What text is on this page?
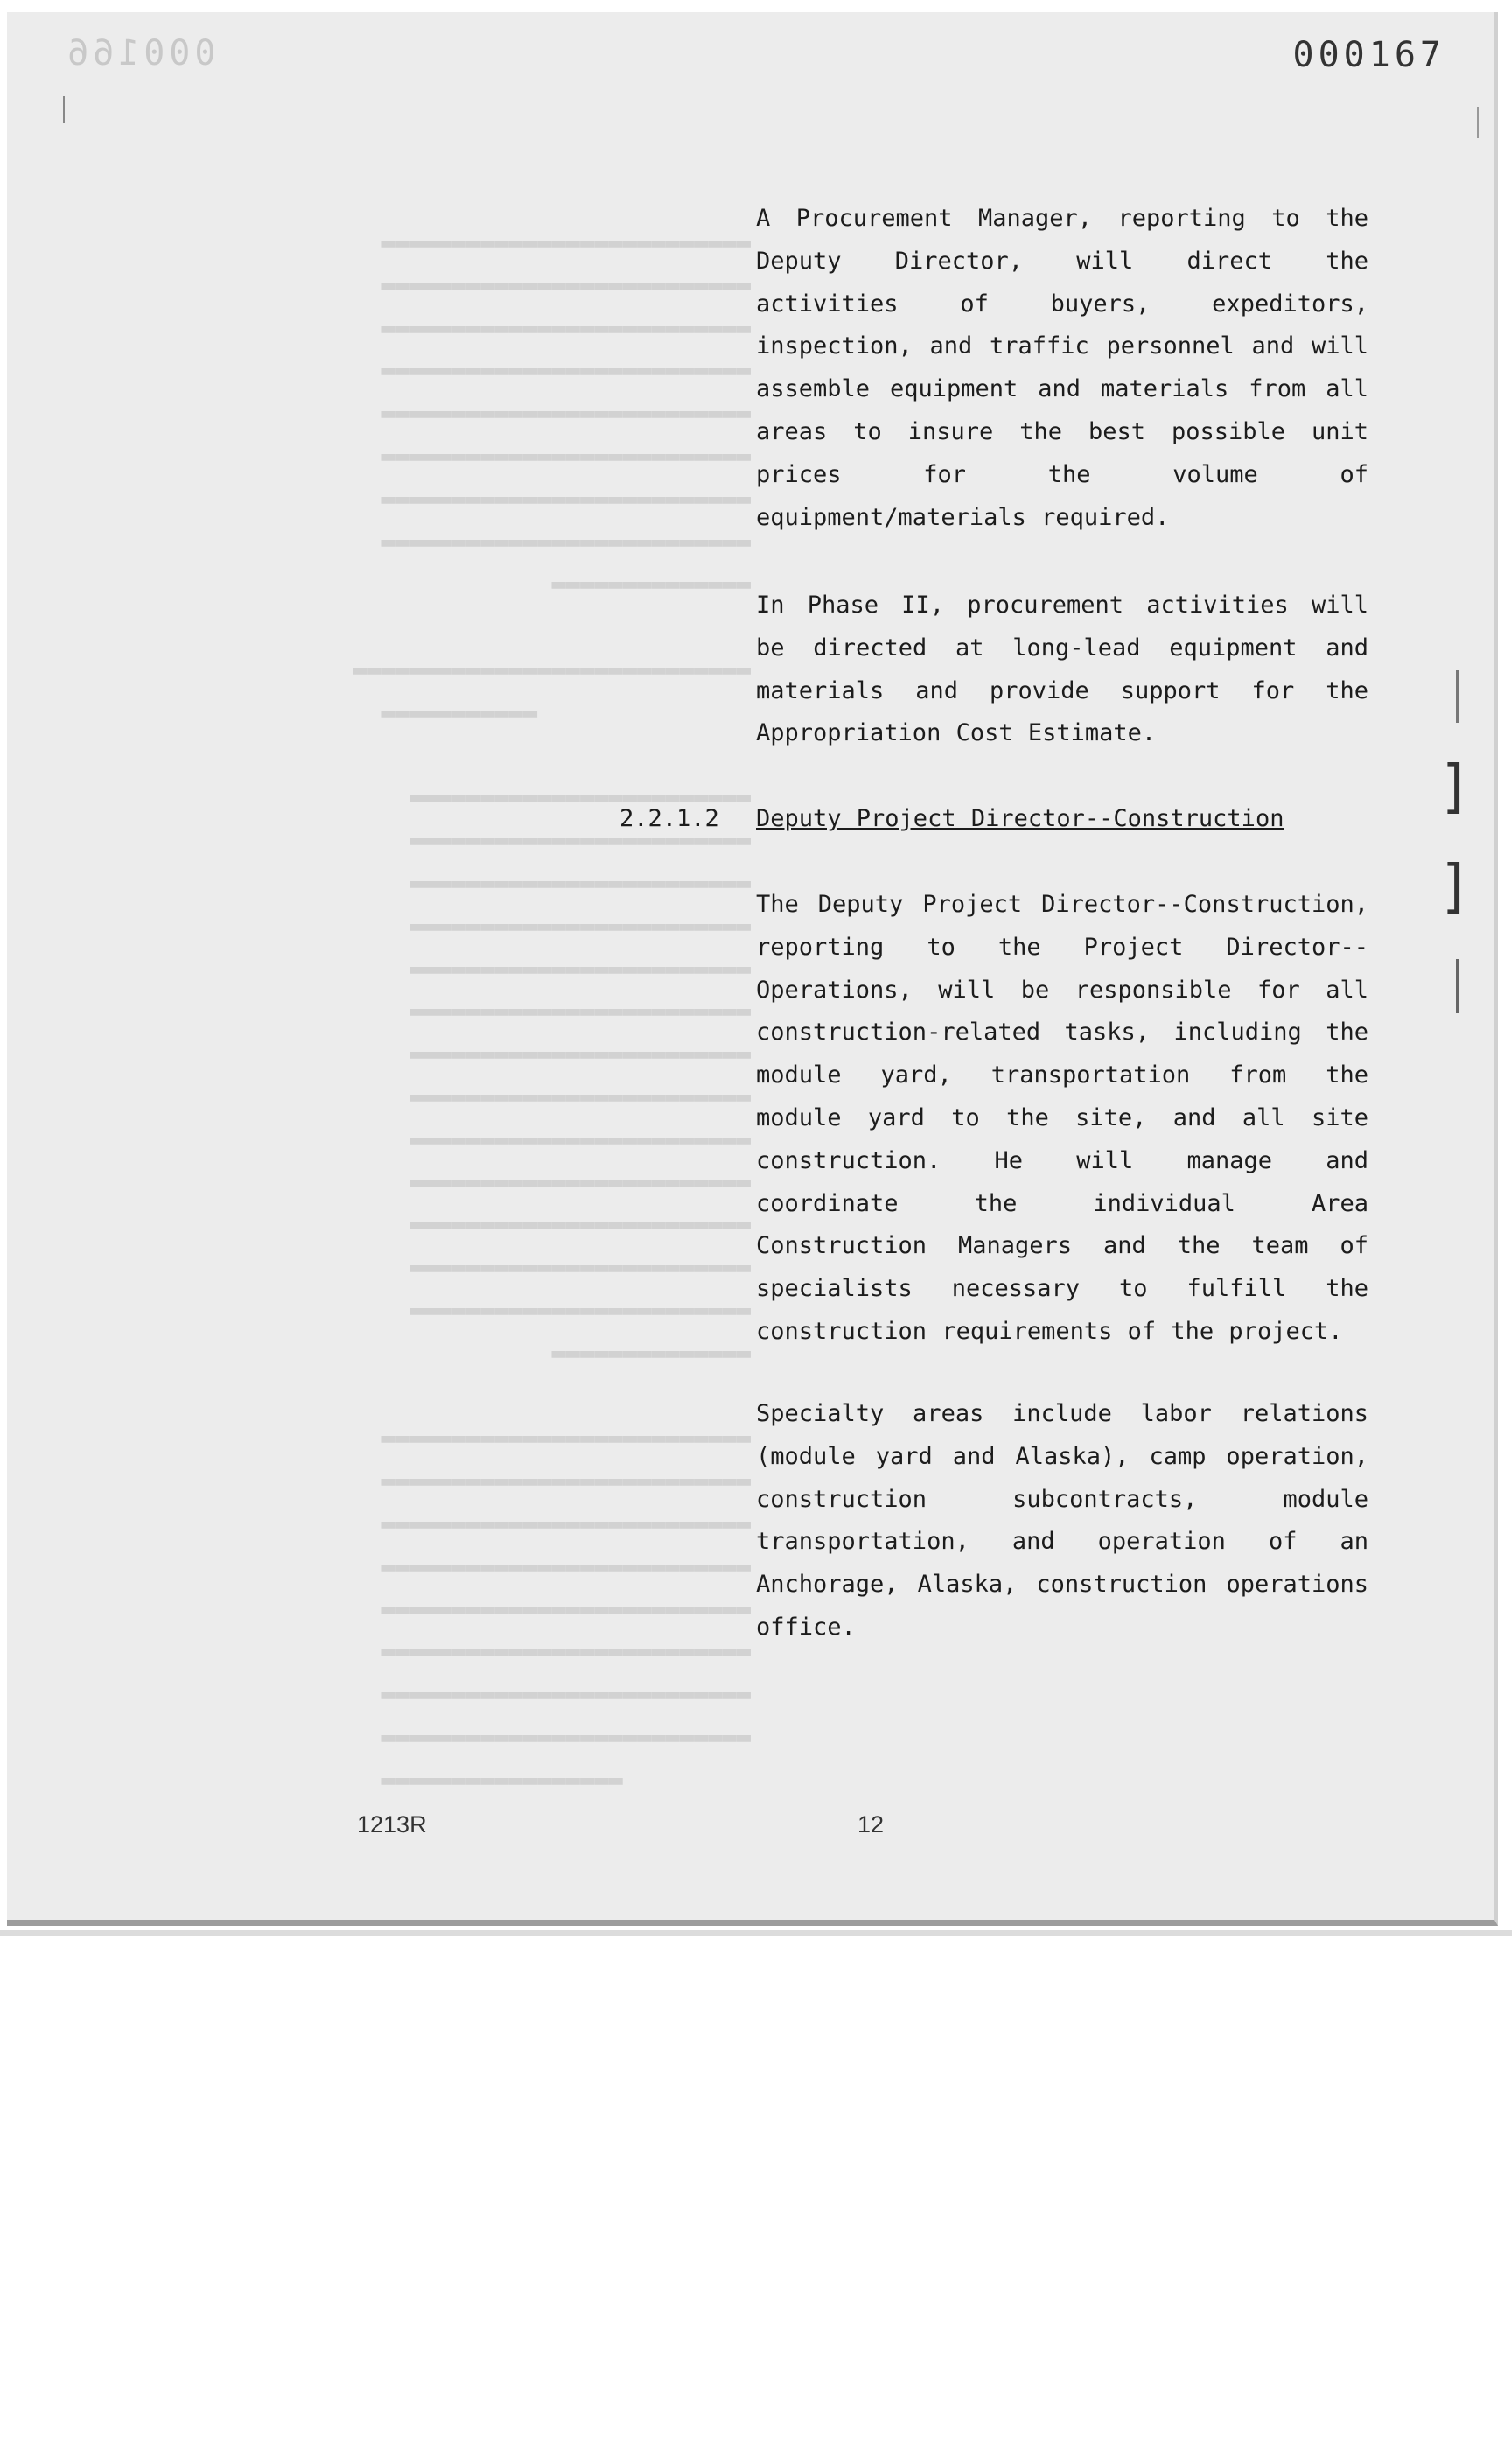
000166
▬▬▬▬▬▬▬▬▬▬▬▬▬▬▬▬▬▬▬▬▬▬▬▬▬▬
▬▬▬▬▬▬▬▬▬▬▬▬▬▬▬▬▬▬▬▬▬▬▬▬▬▬
▬▬▬▬▬▬▬▬▬▬▬▬▬▬▬▬▬▬▬▬▬▬▬▬▬▬
▬▬▬▬▬▬▬▬▬▬▬▬▬▬▬▬▬▬▬▬▬▬▬▬▬▬
▬▬▬▬▬▬▬▬▬▬▬▬▬▬▬▬▬▬▬▬▬▬▬▬▬▬
▬▬▬▬▬▬▬▬▬▬▬▬▬▬▬▬▬▬▬▬▬▬▬▬▬▬
▬▬▬▬▬▬▬▬▬▬▬▬▬▬▬▬▬▬▬▬▬▬▬▬▬▬
▬▬▬▬▬▬▬▬▬▬▬▬▬▬▬▬▬▬▬▬▬▬▬▬▬▬
▬▬▬▬▬▬▬▬▬▬▬▬▬▬

▬▬▬▬▬▬▬▬▬▬▬▬▬▬▬▬▬▬▬▬▬▬▬▬▬▬▬▬
▬▬▬▬▬▬▬▬▬▬▬

▬▬▬▬▬▬▬▬▬▬▬▬▬▬▬▬▬▬▬▬▬▬▬▬
▬▬▬▬▬▬▬▬▬▬▬▬▬▬▬▬▬▬▬▬▬▬▬▬
▬▬▬▬▬▬▬▬▬▬▬▬▬▬▬▬▬▬▬▬▬▬▬▬
▬▬▬▬▬▬▬▬▬▬▬▬▬▬▬▬▬▬▬▬▬▬▬▬
▬▬▬▬▬▬▬▬▬▬▬▬▬▬▬▬▬▬▬▬▬▬▬▬
▬▬▬▬▬▬▬▬▬▬▬▬▬▬▬▬▬▬▬▬▬▬▬▬
▬▬▬▬▬▬▬▬▬▬▬▬▬▬▬▬▬▬▬▬▬▬▬▬
▬▬▬▬▬▬▬▬▬▬▬▬▬▬▬▬▬▬▬▬▬▬▬▬
▬▬▬▬▬▬▬▬▬▬▬▬▬▬▬▬▬▬▬▬▬▬▬▬
▬▬▬▬▬▬▬▬▬▬▬▬▬▬▬▬▬▬▬▬▬▬▬▬
▬▬▬▬▬▬▬▬▬▬▬▬▬▬▬▬▬▬▬▬▬▬▬▬
▬▬▬▬▬▬▬▬▬▬▬▬▬▬▬▬▬▬▬▬▬▬▬▬
▬▬▬▬▬▬▬▬▬▬▬▬▬▬▬▬▬▬▬▬▬▬▬▬
▬▬▬▬▬▬▬▬▬▬▬▬▬▬

▬▬▬▬▬▬▬▬▬▬▬▬▬▬▬▬▬▬▬▬▬▬▬▬▬▬
▬▬▬▬▬▬▬▬▬▬▬▬▬▬▬▬▬▬▬▬▬▬▬▬▬▬
▬▬▬▬▬▬▬▬▬▬▬▬▬▬▬▬▬▬▬▬▬▬▬▬▬▬
▬▬▬▬▬▬▬▬▬▬▬▬▬▬▬▬▬▬▬▬▬▬▬▬▬▬
▬▬▬▬▬▬▬▬▬▬▬▬▬▬▬▬▬▬▬▬▬▬▬▬▬▬
▬▬▬▬▬▬▬▬▬▬▬▬▬▬▬▬▬▬▬▬▬▬▬▬▬▬
▬▬▬▬▬▬▬▬▬▬▬▬▬▬▬▬▬▬▬▬▬▬▬▬▬▬
▬▬▬▬▬▬▬▬▬▬▬▬▬▬▬▬▬▬▬▬▬▬▬▬▬▬
▬▬▬▬▬▬▬▬▬▬▬▬▬▬▬▬▬
000167
A Procurement Manager, reporting to the Deputy Director, will direct the activities of buyers, expeditors, inspection, and traffic personnel and will assemble equipment and materials from all areas to insure the best possible unit prices for the volume of equipment/materials required.
In Phase II, procurement activities will be directed at long-lead equipment and materials and provide support for the Appropriation Cost Estimate.
2.2.1.2 Deputy Project Director--Construction
The Deputy Project Director--Construction, reporting to the Project Director--Operations, will be responsible for all construction-related tasks, including the module yard, transportation from the module yard to the site, and all site construction. He will manage and coordinate the individual Area Construction Managers and the team of specialists necessary to fulfill the construction requirements of the project.
Specialty areas include labor relations (module yard and Alaska), camp operation, construction subcontracts, module transportation, and operation of an Anchorage, Alaska, construction operations office.
1213R	12
]
]
